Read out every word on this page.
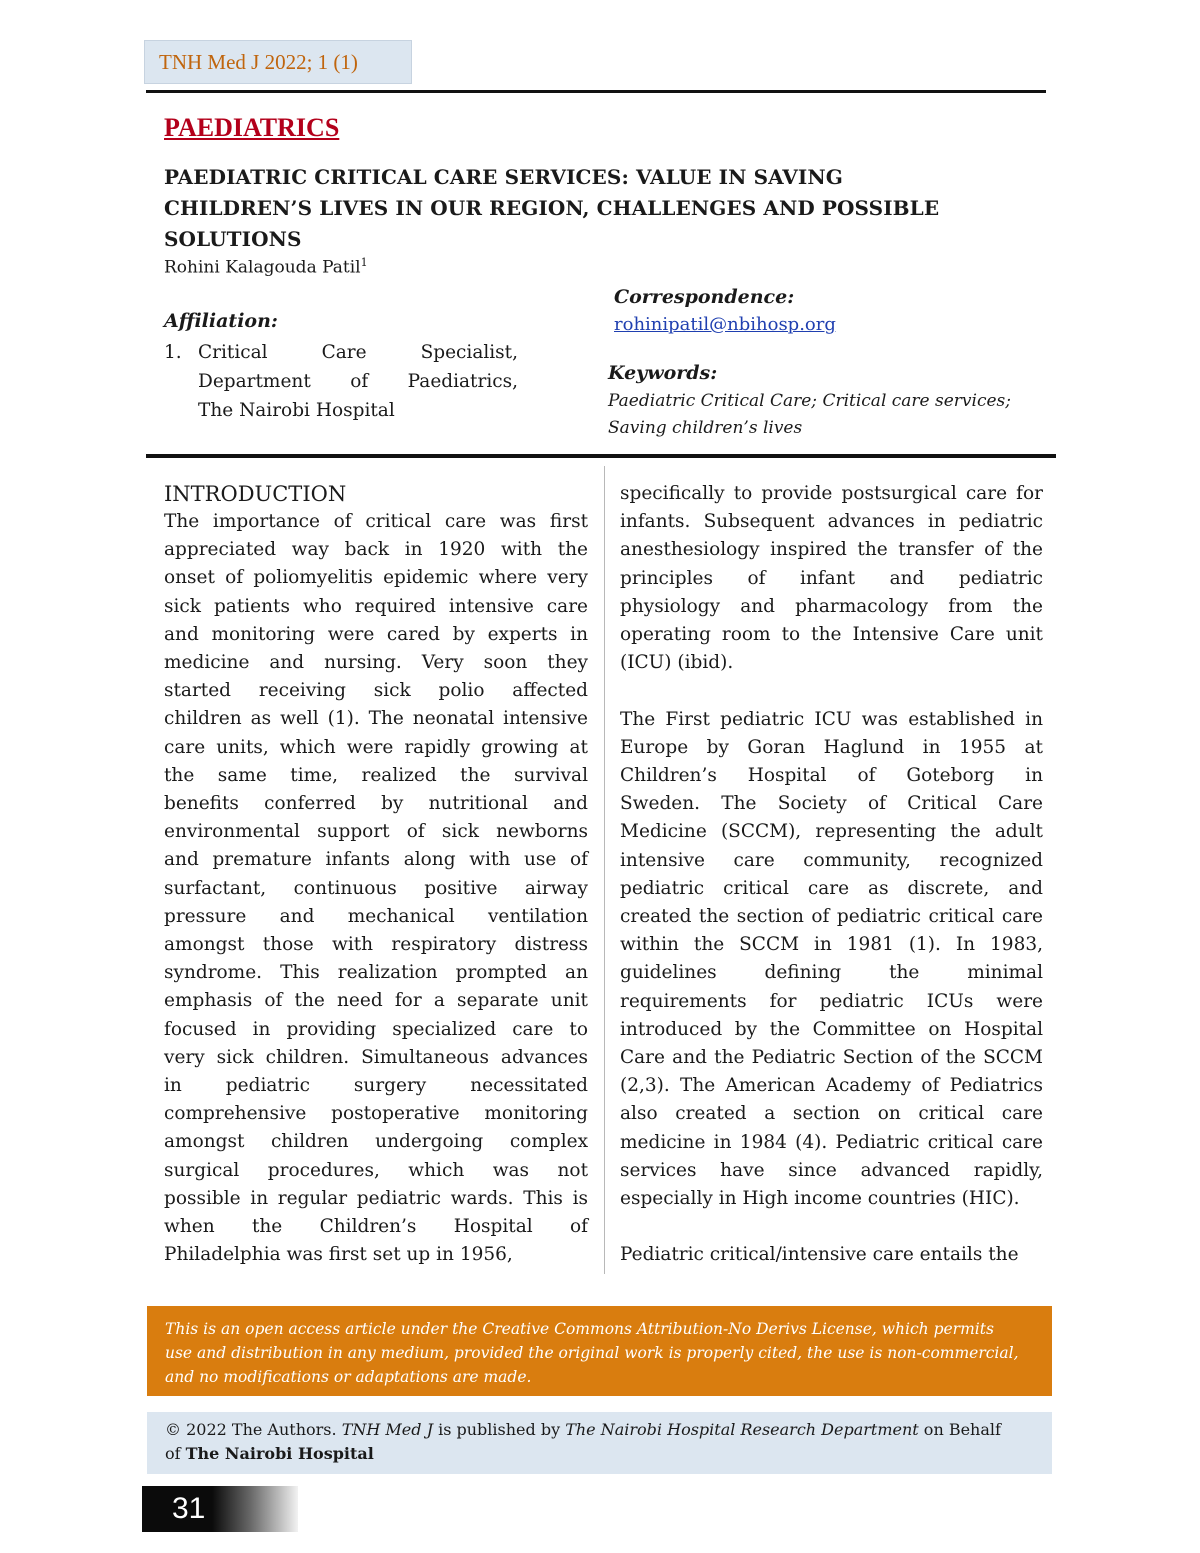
TNH Med J 2022; 1 (1)
PAEDIATRICS
PAEDIATRIC CRITICAL CARE SERVICES: VALUE IN SAVING
CHILDREN’S LIVES IN OUR REGION, CHALLENGES AND POSSIBLE
SOLUTIONS
Rohini Kalagouda Patil$^1$
Affiliation:
1. Critical Care Specialist,
Department of Paediatrics,
The Nairobi Hospital
Correspondence:
rohinipatil@nbihosp.org
Keywords:
Paediatric Critical Care; Critical care services;
Saving children’s lives
INTRODUCTION

The importance of critical care was first
appreciated way back in 1920 with the
onset of poliomyelitis epidemic where very
sick patients who required intensive care
and monitoring were cared by experts in
medicine and nursing. Very soon they
started receiving sick polio affected
children as well (1). The neonatal intensive
care units, which were rapidly growing at
the same time, realized the survival
benefits conferred by nutritional and
environmental support of sick newborns
and premature infants along with use of
surfactant, continuous positive airway
pressure and mechanical ventilation
amongst those with respiratory distress
syndrome. This realization prompted an
emphasis of the need for a separate unit
focused in providing specialized care to
very sick children. Simultaneous advances
in pediatric surgery necessitated
comprehensive postoperative monitoring
amongst children undergoing complex
surgical procedures, which was not
possible in regular pediatric wards. This is
when the Children’s Hospital of
Philadelphia was first set up in 1956,

specifically to provide postsurgical care for
infants. Subsequent advances in pediatric
anesthesiology inspired the transfer of the
principles of infant and pediatric
physiology and pharmacology from the
operating room to the Intensive Care unit
(ICU) (ibid).

The First pediatric ICU was established in
Europe by Goran Haglund in 1955 at
Children’s Hospital of Goteborg in
Sweden. The Society of Critical Care
Medicine (SCCM), representing the adult
intensive care community, recognized
pediatric critical care as discrete, and
created the section of pediatric critical care
within the SCCM in 1981 (1). In 1983,
guidelines defining the minimal
requirements for pediatric ICUs were
introduced by the Committee on Hospital
Care and the Pediatric Section of the SCCM
(2,3). The American Academy of Pediatrics
also created a section on critical care
medicine in 1984 (4). Pediatric critical care
services have since advanced rapidly,
especially in High income countries (HIC).

Pediatric critical/intensive care entails the

This is an open access article under the Creative Commons Attribution-No Derivs License, which permits
use and distribution in any medium, provided the original work is properly cited, the use is non-commercial,
and no modifications or adaptations are made.
© 2022 The Authors. TNH Med J is published by The Nairobi Hospital Research Department on Behalf
of The Nairobi Hospital
31
